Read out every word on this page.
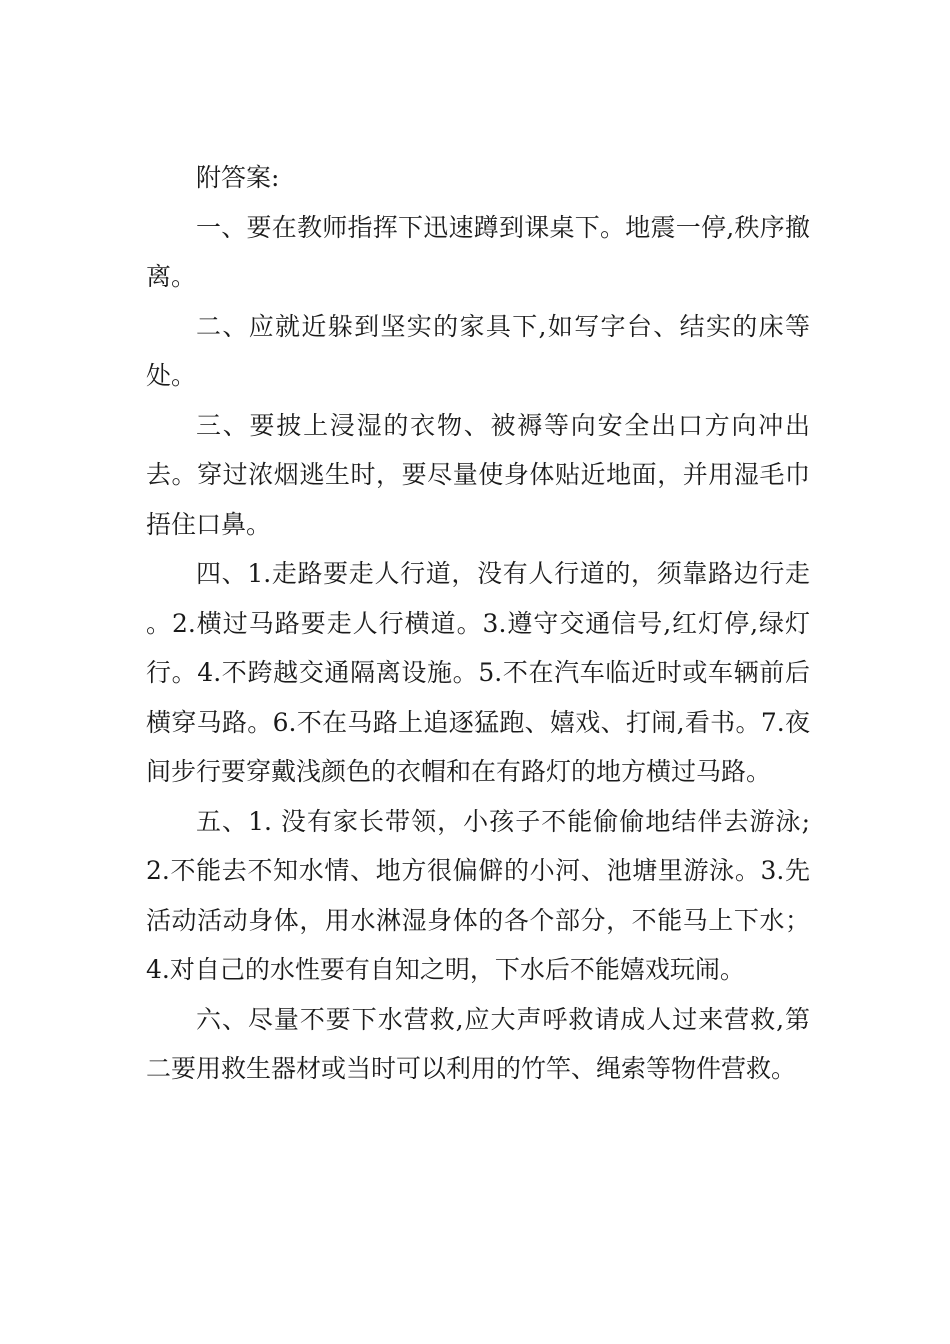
附答案:

一、要在教师指挥下迅速蹲到课桌下。地震一停,秩序撤离。

二、应就近躲到坚实的家具下,如写字台、结实的床等处。

三、要披上浸湿的衣物、被褥等向安全出口方向冲出去。穿过浓烟逃生时，要尽量使身体贴近地面，并用湿毛巾捂住口鼻。

四、1.走路要走人行道，没有人行道的，须靠路边行走 。2.横过马路要走人行横道。3.遵守交通信号,红灯停,绿灯行。4.不跨越交通隔离设施。5.不在汽车临近时或车辆前后横穿马路。6.不在马路上追逐猛跑、嬉戏、打闹,看书。7.夜间步行要穿戴浅颜色的衣帽和在有路灯的地方横过马路。

五、1. 没有家长带领，小孩子不能偷偷地结伴去游泳;2.不能去不知水情、地方很偏僻的小河、池塘里游泳。3.先活动活动身体，用水淋湿身体的各个部分，不能马上下水； 4.对自己的水性要有自知之明，下水后不能嬉戏玩闹。

六、尽量不要下水营救,应大声呼救请成人过来营救,第二要用救生器材或当时可以利用的竹竿、绳索等物件营救。
